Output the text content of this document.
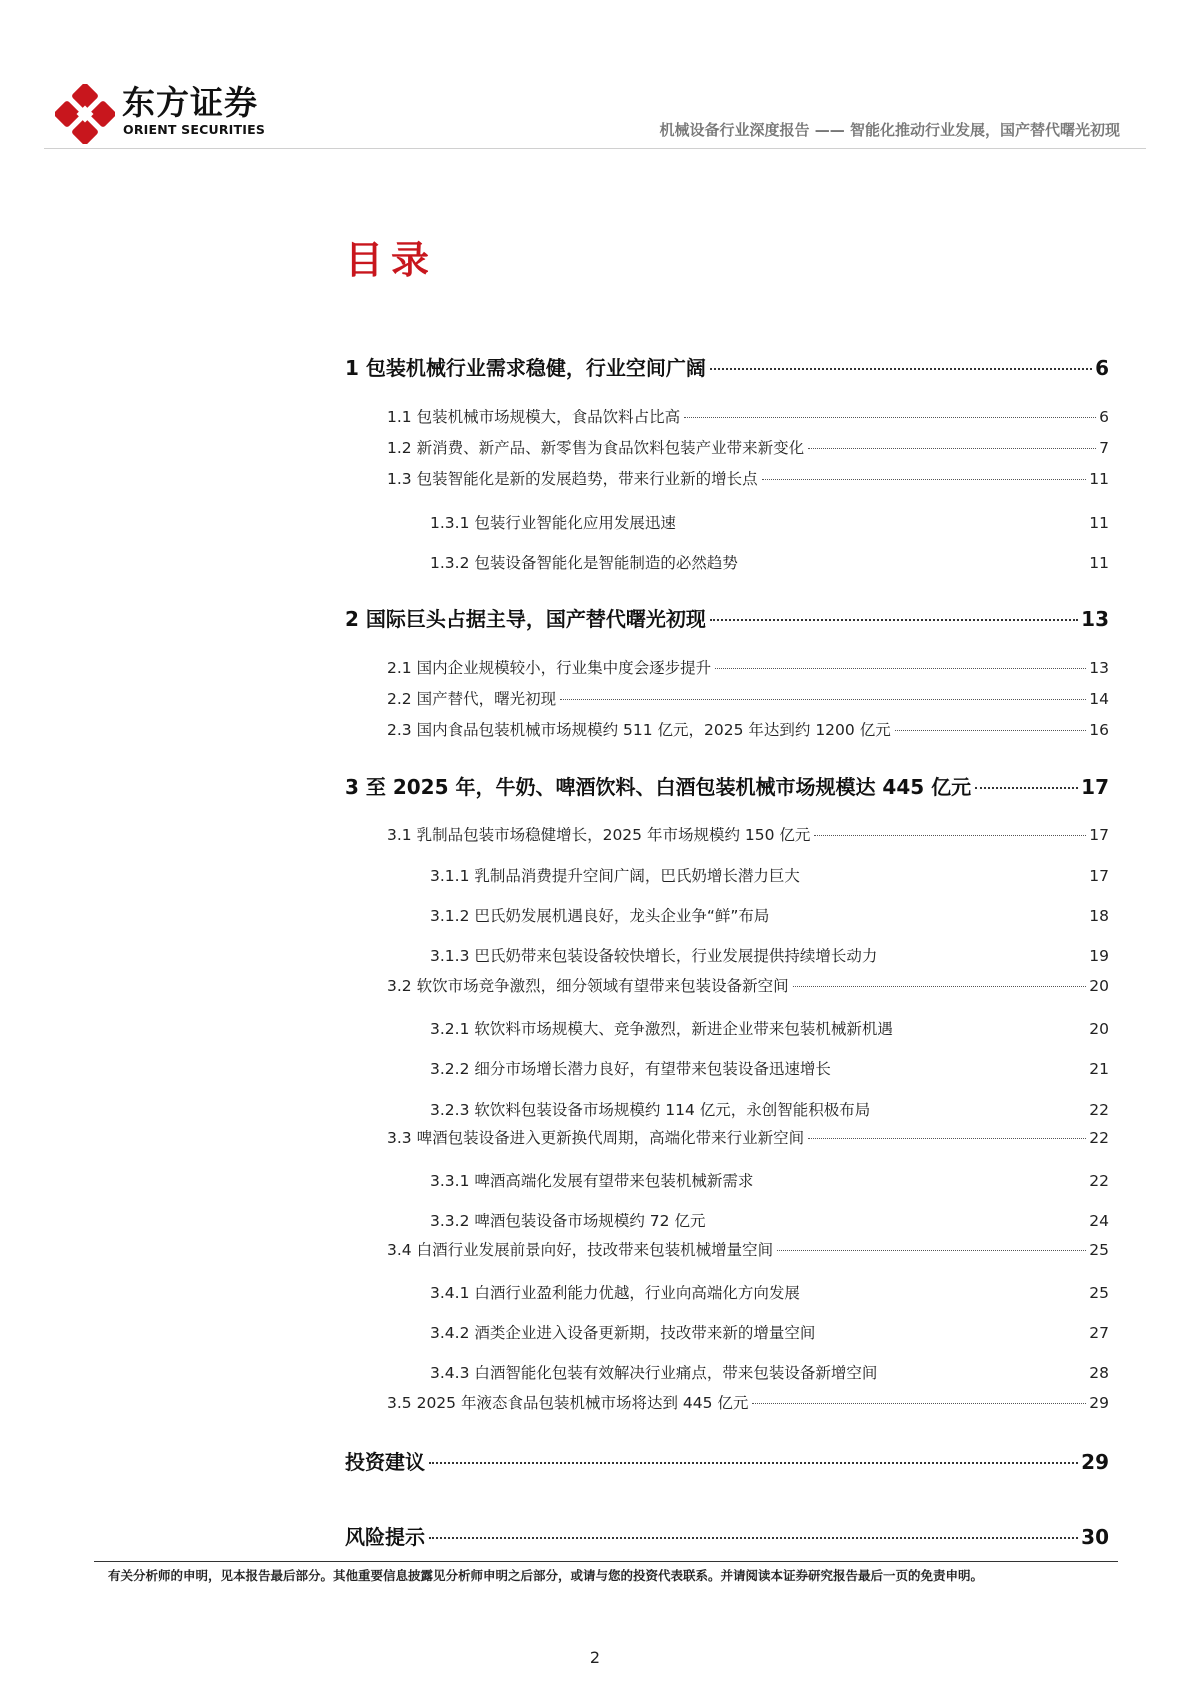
东方证券
ORIENT SECURITIES	机械设备行业深度报告 —— 智能化推动行业发展，国产替代曙光初现
目录
1 包装机械行业需求稳健，行业空间广阔	6
1.1 包装机械市场规模大，食品饮料占比高	6
1.2 新消费、新产品、新零售为食品饮料包装产业带来新变化	7
1.3 包装智能化是新的发展趋势，带来行业新的增长点	11
1.3.1 包装行业智能化应用发展迅速	11
1.3.2 包装设备智能化是智能制造的必然趋势	11
2 国际巨头占据主导，国产替代曙光初现	13
2.1 国内企业规模较小，行业集中度会逐步提升	13
2.2 国产替代，曙光初现	14
2.3 国内食品包装机械市场规模约 511 亿元，2025 年达到约 1200 亿元	16
3 至 2025 年，牛奶、啤酒饮料、白酒包装机械市场规模达 445 亿元	17
3.1 乳制品包装市场稳健增长，2025 年市场规模约 150 亿元	17
3.1.1 乳制品消费提升空间广阔，巴氏奶增长潜力巨大	17
3.1.2 巴氏奶发展机遇良好，龙头企业争“鲜”布局	18
3.1.3 巴氏奶带来包装设备较快增长，行业发展提供持续增长动力	19
3.2 软饮市场竞争激烈，细分领域有望带来包装设备新空间	20
3.2.1 软饮料市场规模大、竞争激烈，新进企业带来包装机械新机遇	20
3.2.2 细分市场增长潜力良好，有望带来包装设备迅速增长	21
3.2.3 软饮料包装设备市场规模约 114 亿元，永创智能积极布局	22
3.3 啤酒包装设备进入更新换代周期，高端化带来行业新空间	22
3.3.1 啤酒高端化发展有望带来包装机械新需求	22
3.3.2 啤酒包装设备市场规模约 72 亿元	24
3.4 白酒行业发展前景向好，技改带来包装机械增量空间	25
3.4.1 白酒行业盈利能力优越，行业向高端化方向发展	25
3.4.2 酒类企业进入设备更新期，技改带来新的增量空间	27
3.4.3 白酒智能化包装有效解决行业痛点，带来包装设备新增空间	28
3.5 2025 年液态食品包装机械市场将达到 445 亿元	29
投资建议	29
风险提示	30
有关分析师的申明，见本报告最后部分。其他重要信息披露见分析师申明之后部分，或请与您的投资代表联系。并请阅读本证券研究报告最后一页的免责申明。
2
